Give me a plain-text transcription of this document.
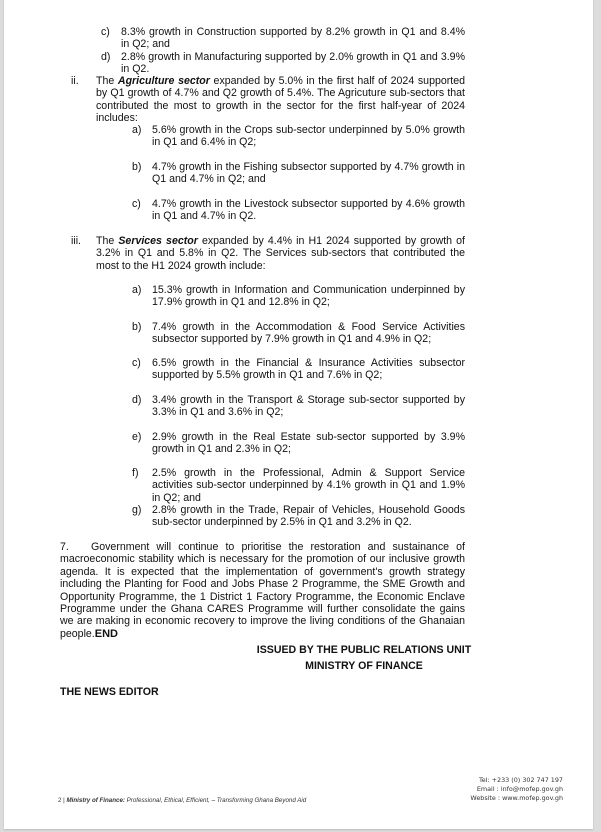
c)	8.3% growth in Construction supported by 8.2% growth in Q1 and 8.4% in Q2; and
d) 2.8% growth in Manufacturing supported by 2.0% growth in Q1 and 3.9% in Q2.
ii.	The Agriculture sector expanded by 5.0% in the first half of 2024 supported by Q1 growth of 4.7% and Q2 growth of 5.4%. The Agricuture sub-sectors that contributed the most to growth in the sector for the first half-year of 2024 includes:
a) 5.6% growth in the Crops sub-sector underpinned by 5.0% growth in Q1 and 6.4% in Q2;
b) 4.7% growth in the Fishing subsector supported by 4.7% growth in Q1 and 4.7% in Q2; and
c)	4.7% growth in the Livestock subsector supported by 4.6% growth in Q1 and 4.7% in Q2.
iii.	The Services sector expanded by 4.4% in H1 2024 supported by growth of 3.2% in Q1 and 5.8% in Q2. The Services sub-sectors that contributed the most to the H1 2024 growth include:
a) 15.3% growth in Information and Communication underpinned by 17.9% growth in Q1 and 12.8% in Q2;
b) 7.4% growth in the Accommodation & Food Service Activities subsector supported by 7.9% growth in Q1 and 4.9% in Q2;
c)	6.5% growth in the Financial & Insurance Activities subsector supported by 5.5% growth in Q1 and 7.6% in Q2;
d) 3.4% growth in the Transport & Storage sub-sector supported by 3.3% in Q1 and 3.6% in Q2;
e) 2.9% growth in the Real Estate sub-sector supported by 3.9% growth in Q1 and 2.3% in Q2;
f)	2.5% growth in the Professional, Admin & Support Service activities sub-sector underpinned by 4.1% growth in Q1 and 1.9% in Q2; and
g) 2.8% growth in the Trade, Repair of Vehicles, Household Goods sub-sector underpinned by 2.5% in Q1 and 3.2% in Q2.
7. Government will continue to prioritise the restoration and sustainance of macroeconomic stability which is necessary for the promotion of our inclusive growth agenda. It is expected that the implementation of government's growth strategy including the Planting for Food and Jobs Phase 2 Programme, the SME Growth and Opportunity Programme, the 1 District 1 Factory Programme, the Economic Enclave Programme under the Ghana CARES Programme will further consolidate the gains we are making in economic recovery to improve the living conditions of the Ghanaian people.END
ISSUED BY THE PUBLIC RELATIONS UNIT
MINISTRY OF FINANCE
THE NEWS EDITOR
2 | Ministry of Finance: Professional, Ethical, Efficient, – Transforming Ghana Beyond Aid
Tel: +233 (0) 302 747 197
Email : info@mofep.gov.gh
Website : www.mofep.gov.gh
